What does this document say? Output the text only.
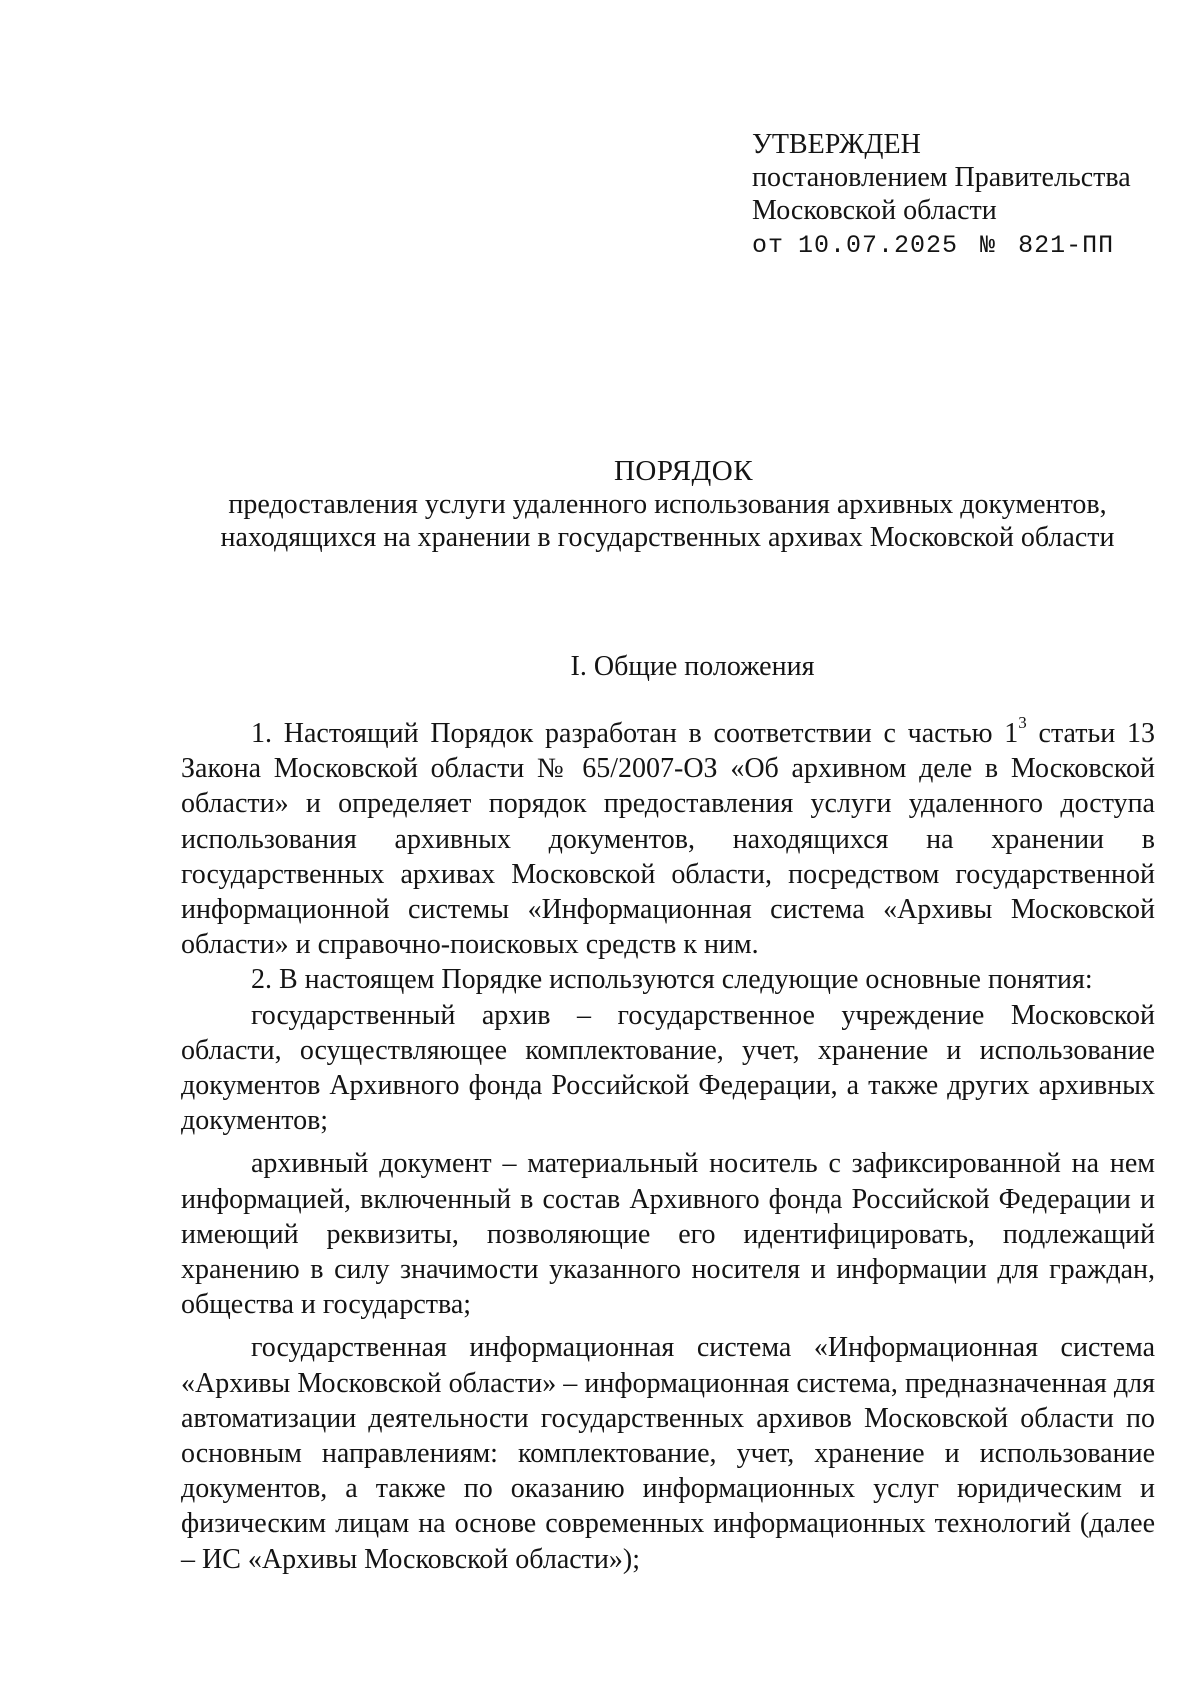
УТВЕРЖДЕН
постановлением Правительства
Московской области
от 10.07.2025 № 821-ПП
ПОРЯДОК
предоставления услуги удаленного использования архивных документов,
находящихся на хранении в государственных архивах Московской области
I. Общие положения

1. Настоящий Порядок разработан в соответствии с частью $1^3$ статьи 13 Закона Московской области № 65/2007-ОЗ «Об архивном деле в Московской области» и определяет порядок предоставления услуги удаленного доступа использования архивных документов, находящихся на хранении в государственных архивах Московской области, посредством государственной информационной системы «Информационная система «Архивы Московской области» и справочно-поисковых средств к ним.

2. В настоящем Порядке используются следующие основные понятия:

государственный архив – государственное учреждение Московской области, осуществляющее комплектование, учет, хранение и использование документов Архивного фонда Российской Федерации, а также других архивных документов;

архивный документ – материальный носитель с зафиксированной на нем информацией, включенный в состав Архивного фонда Российской Федерации и имеющий реквизиты, позволяющие его идентифицировать, подлежащий хранению в силу значимости указанного носителя и информации для граждан, общества и государства;

государственная информационная система «Информационная система «Архивы Московской области» – информационная система, предназначенная для автоматизации деятельности государственных архивов Московской области по основным направлениям: комплектование, учет, хранение и использование документов, а также по оказанию информационных услуг юридическим и физическим лицам на основе современных информационных технологий (далее – ИС «Архивы Московской области»);
